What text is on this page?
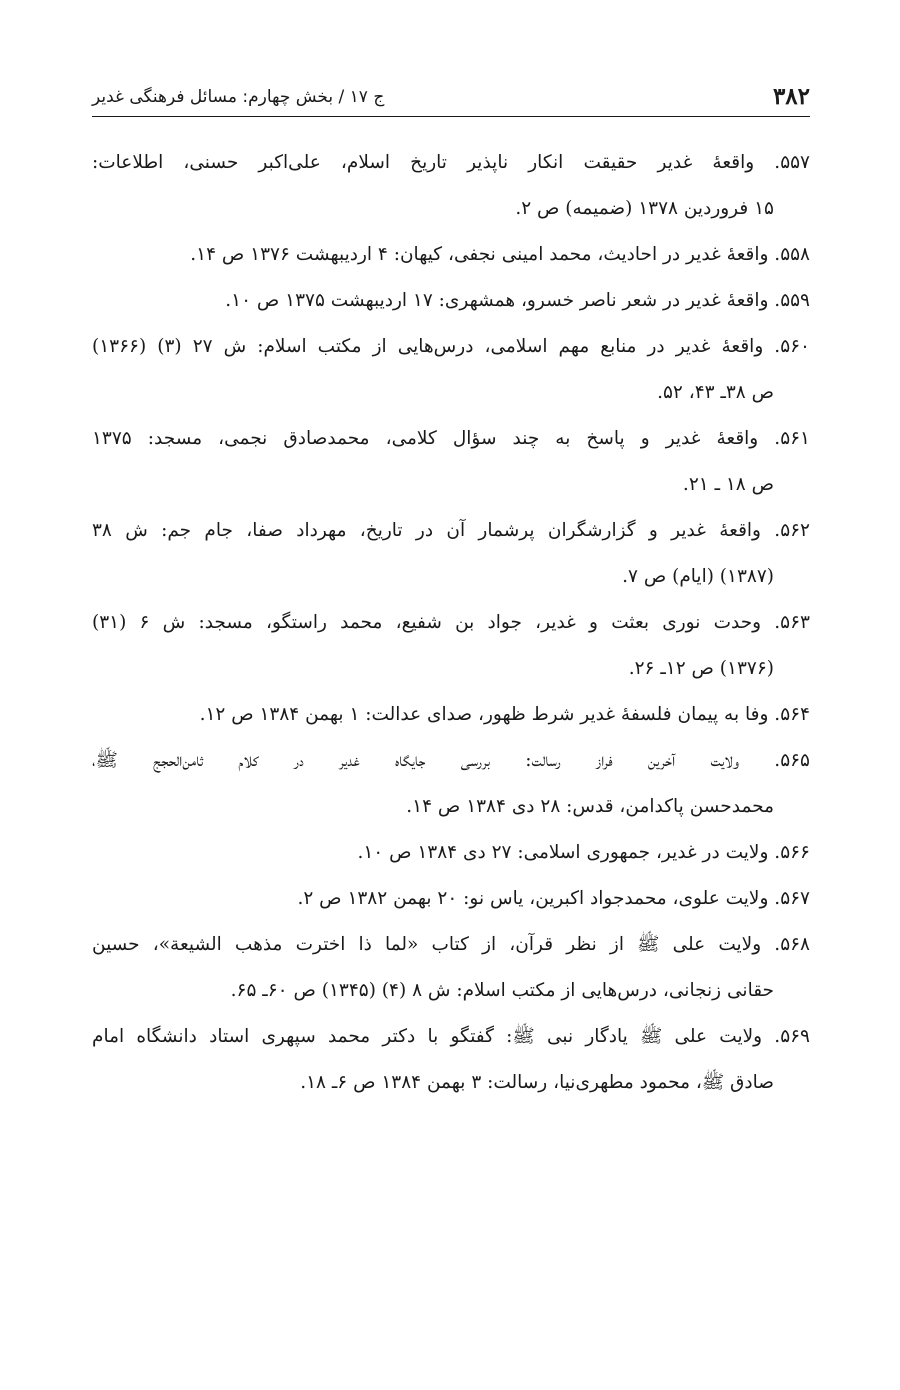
۳۸۲
ج ۱۷ / بخش چهارم: مسائل فرهنگی غدیر
۵۵۷. واقعهٔ غدیر حقیقت انکار ناپذیر تاریخ اسلام، علی‌اکبر حسنی، اطلاعات:
۱۵ فروردین ۱۳۷۸ (ضمیمه) ص ۲.
۵۵۸. واقعهٔ غدیر در احادیث، محمد امینی نجفی، کیهان: ۴ اردیبهشت ۱۳۷۶ ص ۱۴.
۵۵۹. واقعهٔ غدیر در شعر ناصر خسرو، همشهری: ۱۷ اردیبهشت ۱۳۷۵ ص ۱۰.
۵۶۰. واقعهٔ غدیر در منابع مهم اسلامی، درس‌هایی از مکتب اسلام: ش ۲۷ (۳) (۱۳۶۶)
ص ۳۸ـ ۴۳، ۵۲.
۵۶۱. واقعهٔ غدیر و پاسخ به چند سؤال کلامی، محمدصادق نجمی، مسجد: ۱۳۷۵
ص ۱۸ ـ ۲۱.
۵۶۲. واقعهٔ غدیر و گزارشگران پرشمار آن در تاریخ، مهرداد صفا، جام جم: ش ۳۸
(۱۳۸۷) (ایام) ص ۷.
۵۶۳. وحدت نوری بعثت و غدیر، جواد بن شفیع، محمد راستگو، مسجد: ش ۶ (۳۱)
(۱۳۷۶) ص ۱۲ـ ۲۶.
۵۶۴. وفا به پیمان فلسفهٔ غدیر شرط ظهور، صدای عدالت: ۱ بهمن ۱۳۸۴ ص ۱۲.
۵۶۵. ولایت آخرین فراز رسالت: بررسی جایگاه غدیر در کلام ثامن‌الحجج ﷺ،
محمدحسن پاکدامن، قدس: ۲۸ دی ۱۳۸۴ ص ۱۴.
۵۶۶. ولایت در غدیر، جمهوری اسلامی: ۲۷ دی ۱۳۸۴ ص ۱۰.
۵۶۷. ولایت علوی، محمدجواد اکبرین، یاس نو: ۲۰ بهمن ۱۳۸۲ ص ۲.
۵۶۸. ولایت علی ﷺ از نظر قرآن، از کتاب «لما ذا اخترت مذهب الشیعة»، حسین
حقانی زنجانی، درس‌هایی از مکتب اسلام: ش ۸ (۴) (۱۳۴۵) ص ۶۰ـ ۶۵.
۵۶۹. ولایت علی ﷺ یادگار نبی ﷺ: گفتگو با دکتر محمد سپهری استاد دانشگاه امام
صادق ﷺ، محمود مطهری‌نیا، رسالت: ۳ بهمن ۱۳۸۴ ص ۶ـ ۱۸.
